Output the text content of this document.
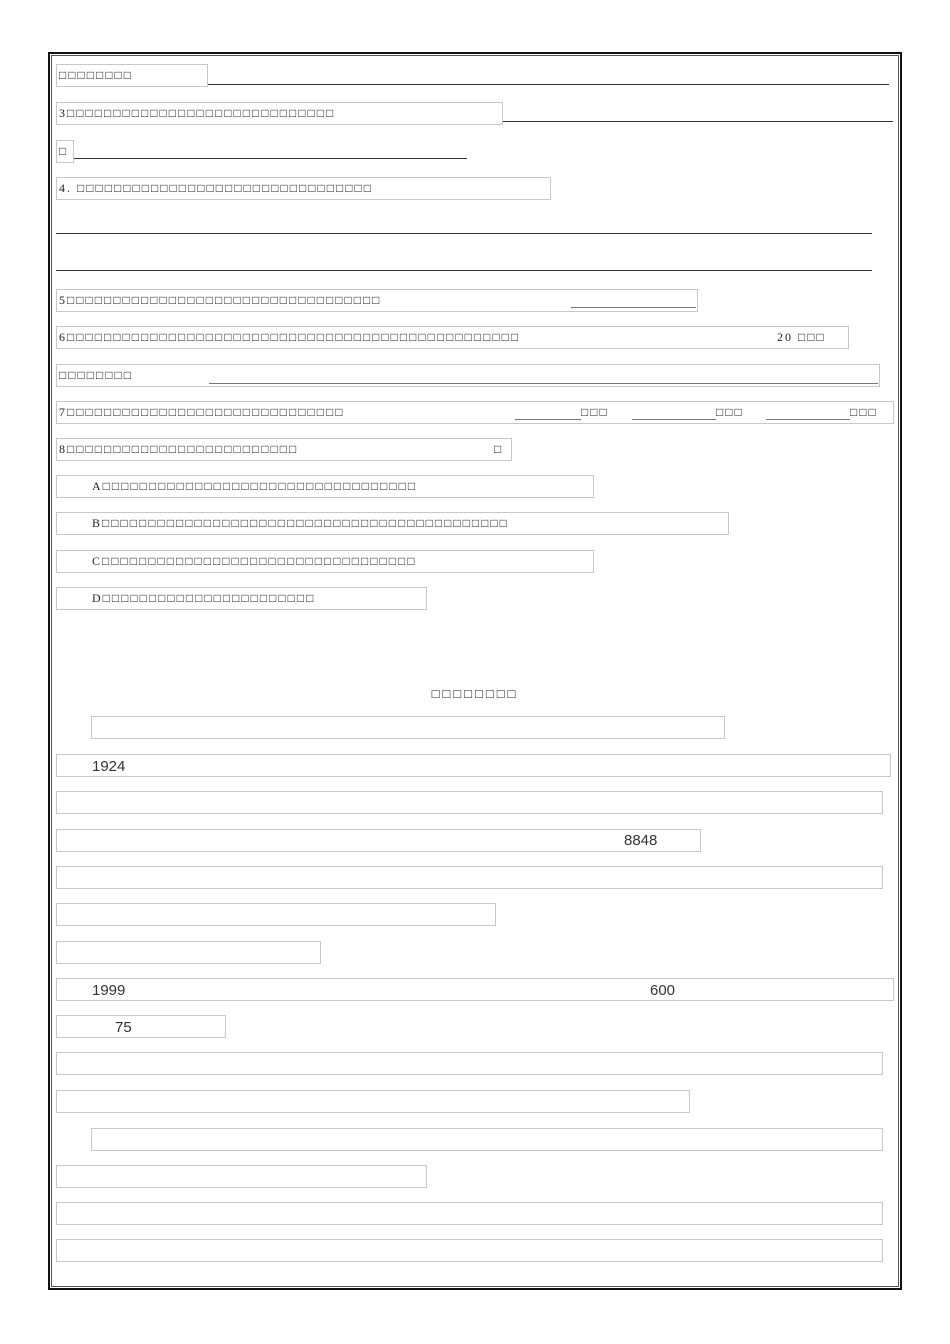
□□□□□□□□
3□□□□□□□□□□□□□□□□□□□□□□□□□□□□□
□
4. □□□□□□□□□□□□□□□□□□□□□□□□□□□□□□□□
5□□□□□□□□□□□□□□□□□□□□□□□□□□□□□□□□□□
6□□□□□□□□□□□□□□□□□□□□□□□□□□□□□□□□□□□□□□□□□□□□□□□□□	20 □□□
□□□□□□□□
7□□□□□□□□□□□□□□□□□□□□□□□□□□□□□□	□□□	□□□	□□□
8□□□□□□□□□□□□□□□□□□□□□□□□□	□
A□□□□□□□□□□□□□□□□□□□□□□□□□□□□□□□□□□
B□□□□□□□□□□□□□□□□□□□□□□□□□□□□□□□□□□□□□□□□□□□□
C□□□□□□□□□□□□□□□□□□□□□□□□□□□□□□□□□□
D□□□□□□□□□□□□□□□□□□□□□□□
□□□□□□□□
1924
8848
1999	600
75
